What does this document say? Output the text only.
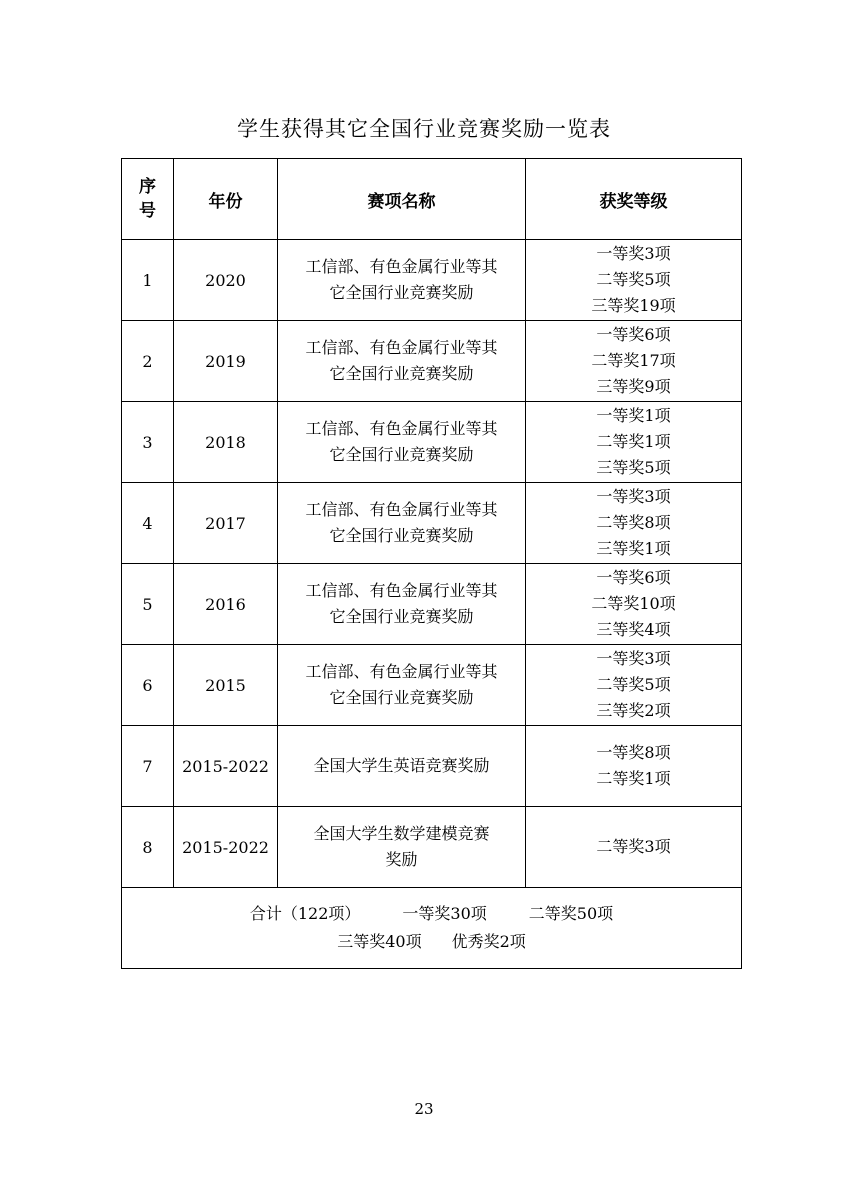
学生获得其它全国行业竞赛奖励一览表
序
号	年份	赛项名称	获奖等级
1	2020	工信部、有色金属行业等其
它全国行业竞赛奖励	一等奖3项
二等奖5项
三等奖19项

2	2019	工信部、有色金属行业等其
它全国行业竞赛奖励	一等奖6项
二等奖17项
三等奖9项

3	2018	工信部、有色金属行业等其
它全国行业竞赛奖励	一等奖1项
二等奖1项
三等奖5项

4	2017	工信部、有色金属行业等其
它全国行业竞赛奖励	一等奖3项
二等奖8项
三等奖1项

5	2016	工信部、有色金属行业等其
它全国行业竞赛奖励	一等奖6项
二等奖10项
三等奖4项

6	2015	工信部、有色金属行业等其
它全国行业竞赛奖励	一等奖3项
二等奖5项
三等奖2项

7	2015-2022	全国大学生英语竞赛奖励	一等奖8项
二等奖1项

8	2015-2022	全国大学生数学建模竞赛
奖励	二等奖3项

合计（122项） 一等奖30项 二等奖50项
三等奖40项 优秀奖2项			
23
